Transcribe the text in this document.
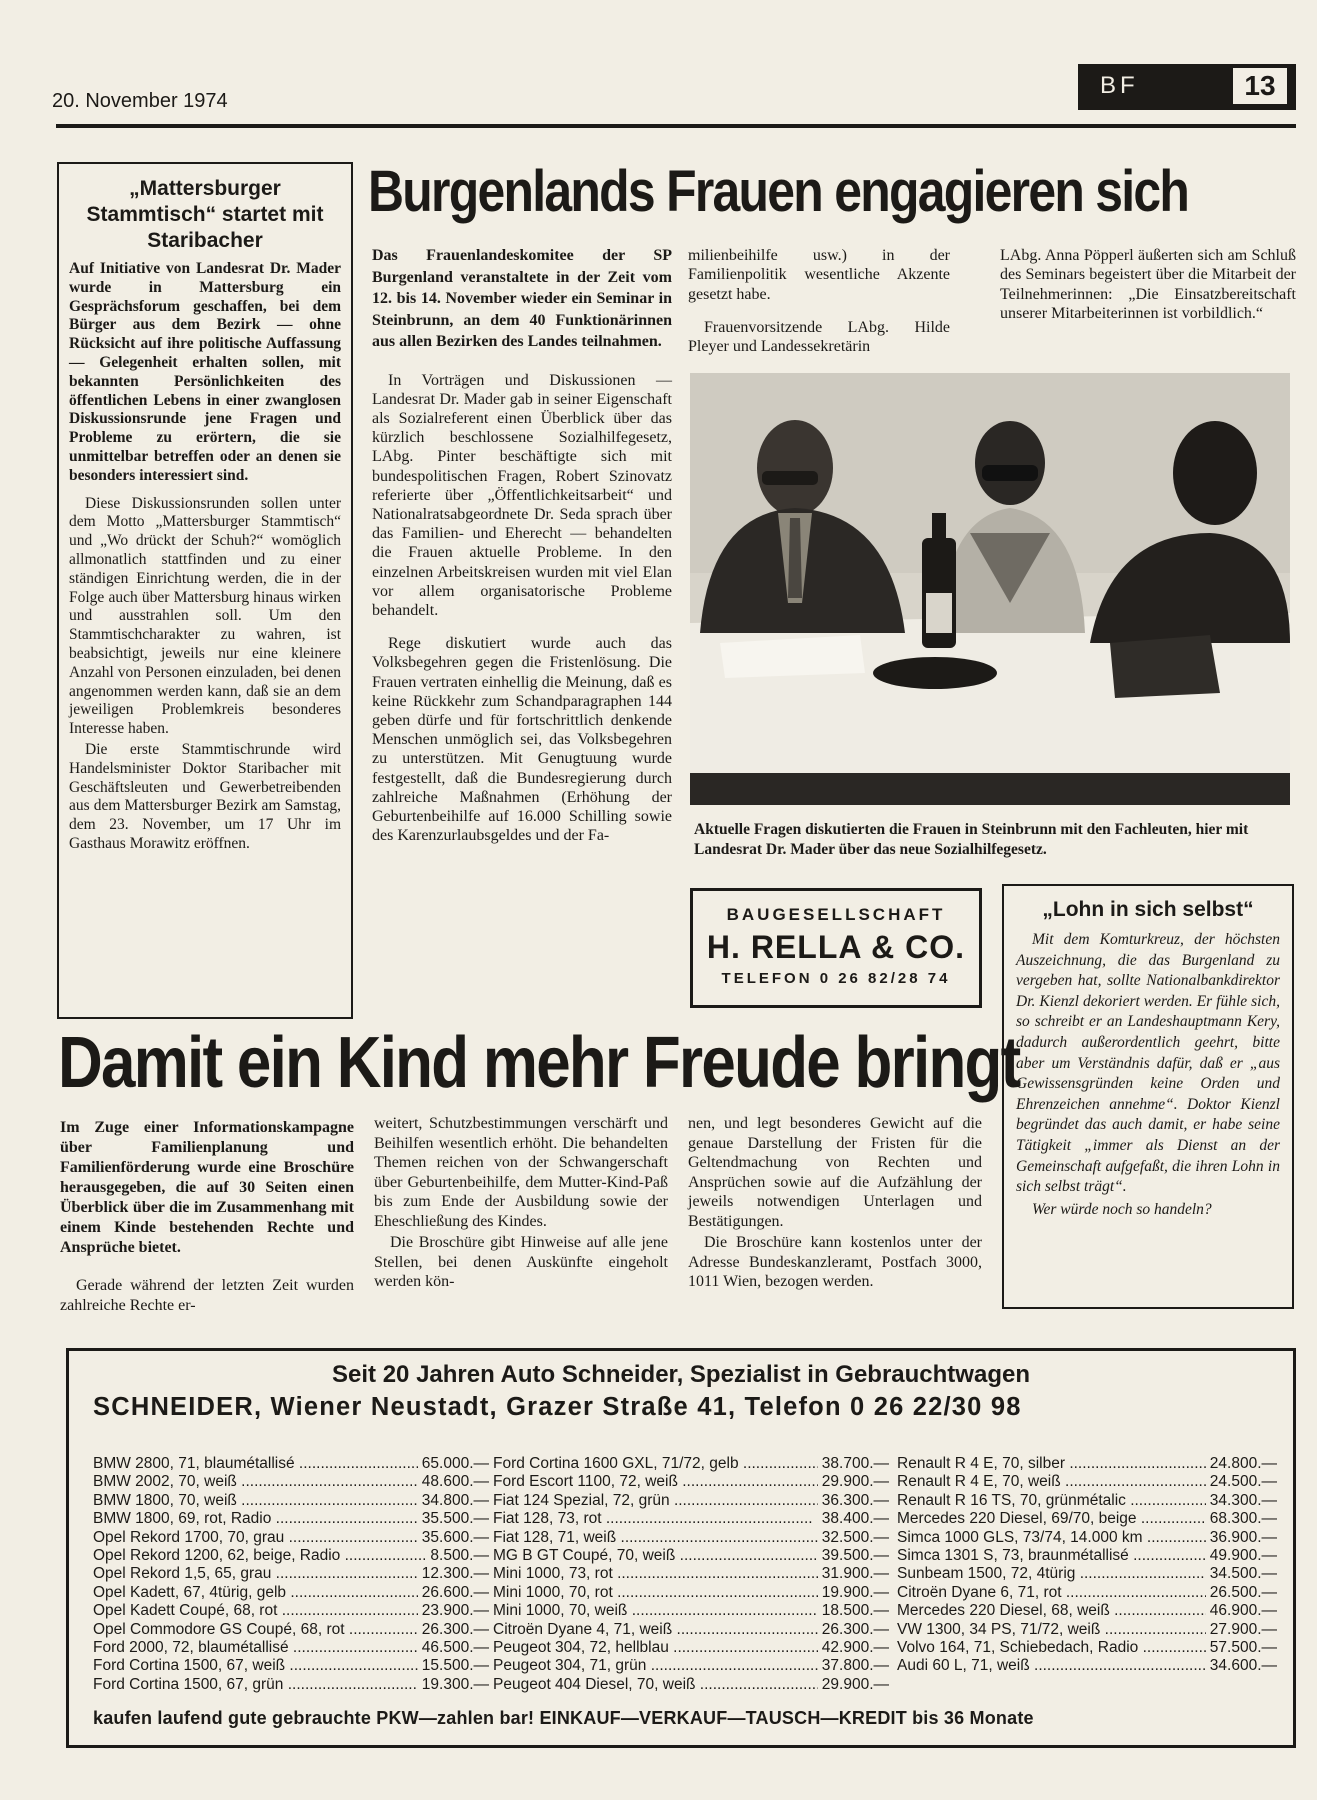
20. November 1974
BF	13
„Mattersburger Stammtisch“ startet mit Staribacher

Auf Initiative von Landesrat Dr. Mader wurde in Mattersburg ein Gesprächsforum geschaffen, bei dem Bürger aus dem Bezirk — ohne Rücksicht auf ihre politische Auffassung — Gelegenheit erhalten sollen, mit bekannten Persönlichkeiten des öffentlichen Lebens in einer zwanglosen Diskussionsrunde jene Fragen und Probleme zu erörtern, die sie unmittelbar betreffen oder an denen sie besonders interessiert sind.

Diese Diskussionsrunden sollen unter dem Motto „Mattersburger Stammtisch“ und „Wo drückt der Schuh?“ womöglich allmonatlich stattfinden und zu einer ständigen Einrichtung werden, die in der Folge auch über Mattersburg hinaus wirken und ausstrahlen soll. Um den Stammtischcharakter zu wahren, ist beabsichtigt, jeweils nur eine kleinere Anzahl von Personen einzuladen, bei denen angenommen werden kann, daß sie an dem jeweiligen Problemkreis besonderes Interesse haben.

Die erste Stammtischrunde wird Handelsminister Doktor Staribacher mit Geschäftsleuten und Gewerbetreibenden aus dem Mattersburger Bezirk am Samstag, dem 23. November, um 17 Uhr im Gasthaus Morawitz eröffnen.

Burgenlands Frauen engagieren sich

Das Frauenlandeskomitee der SP Burgenland veranstaltete in der Zeit vom 12. bis 14. November wieder ein Seminar in Steinbrunn, an dem 40 Funktionärinnen aus allen Bezirken des Landes teilnahmen.

In Vorträgen und Diskussionen — Landesrat Dr. Mader gab in seiner Eigenschaft als Sozialreferent einen Überblick über das kürzlich beschlossene Sozialhilfegesetz, LAbg. Pinter beschäftigte sich mit bundespolitischen Fragen, Robert Szinovatz referierte über „Öffentlichkeitsarbeit“ und Nationalratsabgeordnete Dr. Seda sprach über das Familien- und Eherecht — behandelten die Frauen aktuelle Probleme. In den einzelnen Arbeitskreisen wurden mit viel Elan vor allem organisatorische Probleme behandelt.

Rege diskutiert wurde auch das Volksbegehren gegen die Fristenlösung. Die Frauen vertraten einhellig die Meinung, daß es keine Rückkehr zum Schandparagraphen 144 geben dürfe und für fortschrittlich denkende Menschen unmöglich sei, das Volksbegehren zu unterstützen. Mit Genugtuung wurde festgestellt, daß die Bundesregierung durch zahlreiche Maßnahmen (Erhöhung der Geburtenbeihilfe auf 16.000 Schilling sowie des Karenzurlaubsgeldes und der Fa-

milienbeihilfe usw.) in der Familienpolitik wesentliche Akzente gesetzt habe.

Frauenvorsitzende LAbg. Hilde Pleyer und Landessekretärin

LAbg. Anna Pöpperl äußerten sich am Schluß des Seminars begeistert über die Mitarbeit der Teilnehmerinnen: „Die Einsatzbereitschaft unserer Mitarbeiterinnen ist vorbildlich.“

Aktuelle Fragen diskutierten die Frauen in Steinbrunn mit den Fachleuten, hier mit Landesrat Dr. Mader über das neue Sozialhilfegesetz.
BAUGESELLSCHAFT
H. RELLA & CO.
TELEFON 0 26 82/28 74
„Lohn in sich selbst“
Mit dem Komturkreuz, der höchsten Auszeichnung, die das Burgenland zu vergeben hat, sollte Nationalbankdirektor Dr. Kienzl dekoriert werden. Er fühle sich, so schreibt er an Landeshauptmann Kery, dadurch außerordentlich geehrt, bitte aber um Verständnis dafür, daß er „aus Gewissensgründen keine Orden und Ehrenzeichen annehme“. Doktor Kienzl begründet das auch damit, er habe seine Tätigkeit „immer als Dienst an der Gemeinschaft aufgefaßt, die ihren Lohn in sich selbst trägt“.
Wer würde noch so handeln?
Damit ein Kind mehr Freude bringt

Im Zuge einer Informationskampagne über Familienplanung und Familienförderung wurde eine Broschüre herausgegeben, die auf 30 Seiten einen Überblick über die im Zusammenhang mit einem Kinde bestehenden Rechte und Ansprüche bietet.

Gerade während der letzten Zeit wurden zahlreiche Rechte er-

weitert, Schutzbestimmungen verschärft und Beihilfen wesentlich erhöht. Die behandelten Themen reichen von der Schwangerschaft über Geburtenbeihilfe, dem Mutter-Kind-Paß bis zum Ende der Ausbildung sowie der Eheschließung des Kindes.

Die Broschüre gibt Hinweise auf alle jene Stellen, bei denen Auskünfte eingeholt werden kön-

nen, und legt besonderes Gewicht auf die genaue Darstellung der Fristen für die Geltendmachung von Rechten und Ansprüchen sowie auf die Aufzählung der jeweils notwendigen Unterlagen und Bestätigungen.

Die Broschüre kann kostenlos unter der Adresse Bundeskanzleramt, Postfach 3000, 1011 Wien, bezogen werden.

Seit 20 Jahren Auto Schneider, Spezialist in Gebrauchtwagen
SCHNEIDER, Wiener Neustadt, Grazer Straße 41, Telefon 0 26 22/30 98
BMW 2800, 71, blaumétallisé .....	65.000.—
BMW 2002, 70, weiß .....	48.600.—
BMW 1800, 70, weiß .....	34.800.—
BMW 1800, 69, rot, Radio .....	35.500.—
Opel Rekord 1700, 70, grau .....	35.600.—
Opel Rekord 1200, 62, beige, Radio .....	8.500.—
Opel Rekord 1,5, 65, grau .....	12.300.—
Opel Kadett, 67, 4türig, gelb .....	26.600.—
Opel Kadett Coupé, 68, rot .....	23.900.—
Opel Commodore GS Coupé, 68, rot .....	26.300.—
Ford 2000, 72, blaumétallisé .....	46.500.—
Ford Cortina 1500, 67, weiß .....	15.500.—
Ford Cortina 1500, 67, grün .....	19.300.—
Ford Cortina 1600 GXL, 71/72, gelb .....	38.700.—
Ford Escort 1100, 72, weiß .....	29.900.—
Fiat 124 Spezial, 72, grün .....	36.300.—
Fiat 128, 73, rot .....	38.400.—
Fiat 128, 71, weiß .....	32.500.—
MG B GT Coupé, 70, weiß .....	39.500.—
Mini 1000, 73, rot .....	31.900.—
Mini 1000, 70, rot .....	19.900.—
Mini 1000, 70, weiß .....	18.500.—
Citroën Dyane 4, 71, weiß .....	26.300.—
Peugeot 304, 72, hellblau .....	42.900.—
Peugeot 304, 71, grün .....	37.800.—
Peugeot 404 Diesel, 70, weiß .....	29.900.—
Renault R 4 E, 70, silber .....	24.800.—
Renault R 4 E, 70, weiß .....	24.500.—
Renault R 16 TS, 70, grünmétalic .....	34.300.—
Mercedes 220 Diesel, 69/70, beige .....	68.300.—
Simca 1000 GLS, 73/74, 14.000 km .....	36.900.—
Simca 1301 S, 73, braunmétallisé .....	49.900.—
Sunbeam 1500, 72, 4türig .....	34.500.—
Citroën Dyane 6, 71, rot .....	26.500.—
Mercedes 220 Diesel, 68, weiß .....	46.900.—
VW 1300, 34 PS, 71/72, weiß .....	27.900.—
Volvo 164, 71, Schiebedach, Radio .....	57.500.—
Audi 60 L, 71, weiß .....	34.600.—
kaufen laufend gute gebrauchte PKW—zahlen bar! EINKAUF—VERKAUF—TAUSCH—KREDIT bis 36 Monate
